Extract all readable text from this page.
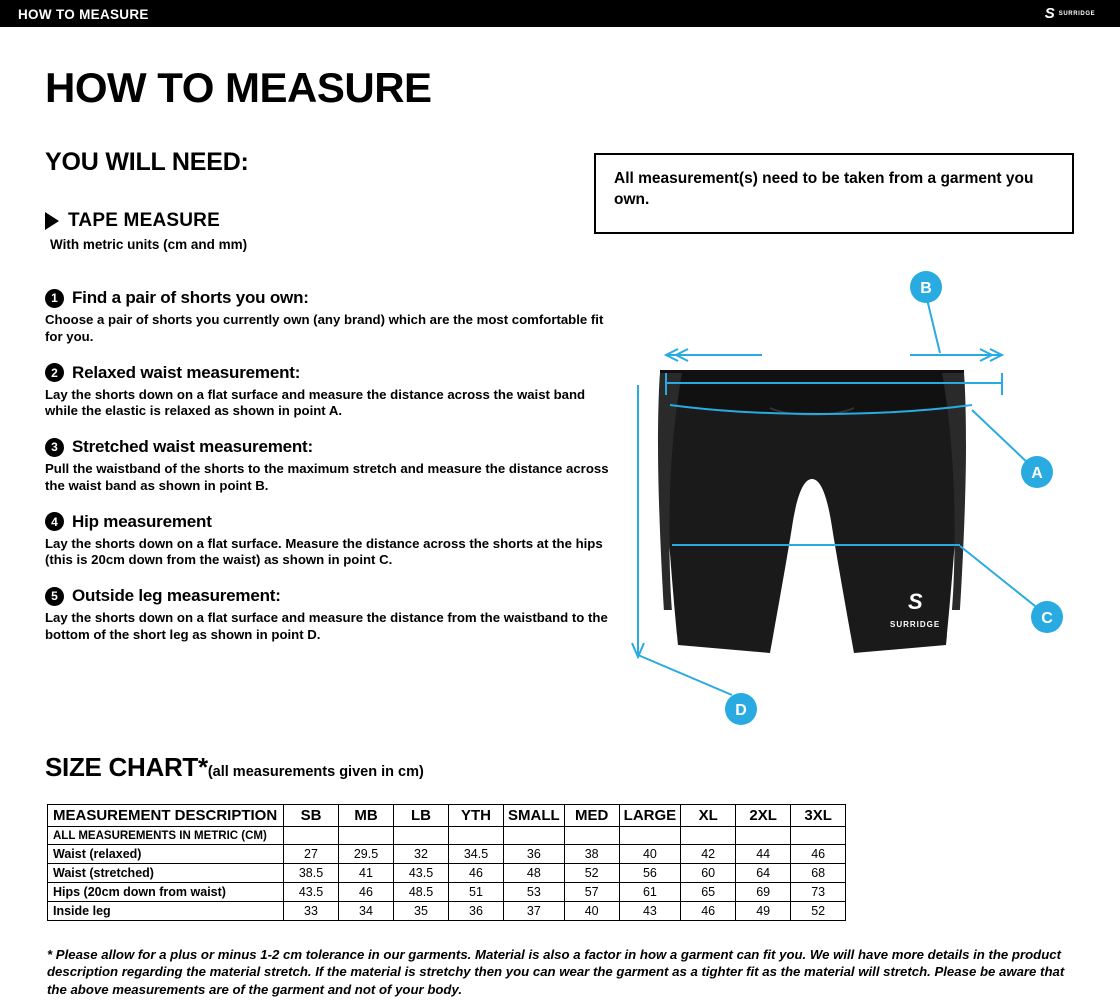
HOW TO MEASURE	S SURRIDGE
HOW TO MEASURE
YOU WILL NEED:
TAPE MEASURE
With metric units (cm and mm)

All measurement(s) need to be taken from a garment you own.

1 Find a pair of shorts you own:

Choose a pair of shorts you currently own (any brand) which are the most comfortable fit for you.

2 Relaxed waist measurement:

Lay the shorts down on a flat surface and measure the distance across the waist band while the elastic is relaxed as shown in point A.

3 Stretched waist measurement:

Pull the waistband of the shorts to the maximum stretch and measure the distance across the waist band as shown in point B.

4 Hip measurement

Lay the shorts down on a flat surface. Measure the distance across the shorts at the hips (this is 20cm down from the waist) as shown in point C.

5 Outside leg measurement:

Lay the shorts down on a flat surface and measure the distance from the waistband to the bottom of the short leg as shown in point D.

S
SURRIDGE
B
A
C
D
SIZE CHART*(all measurements given in cm)
MEASUREMENT DESCRIPTION	SB	MB	LB	YTH	SMALL	MED	LARGE	XL	2XL	3XL
ALL MEASUREMENTS IN METRIC (CM)										
Waist (relaxed)	27	29.5	32	34.5	36	38	40	42	44	46
Waist (stretched)	38.5	41	43.5	46	48	52	56	60	64	68
Hips (20cm down from waist)	43.5	46	48.5	51	53	57	61	65	69	73
Inside leg	33	34	35	36	37	40	43	46	49	52
* Please allow for a plus or minus 1-2 cm tolerance in our garments. Material is also a factor in how a garment can fit you. We will have more details in the product description regarding the material stretch. If the material is stretchy then you can wear the garment as a tighter fit as the material will stretch. Please be aware that the above measurements are of the garment and not of your body.
